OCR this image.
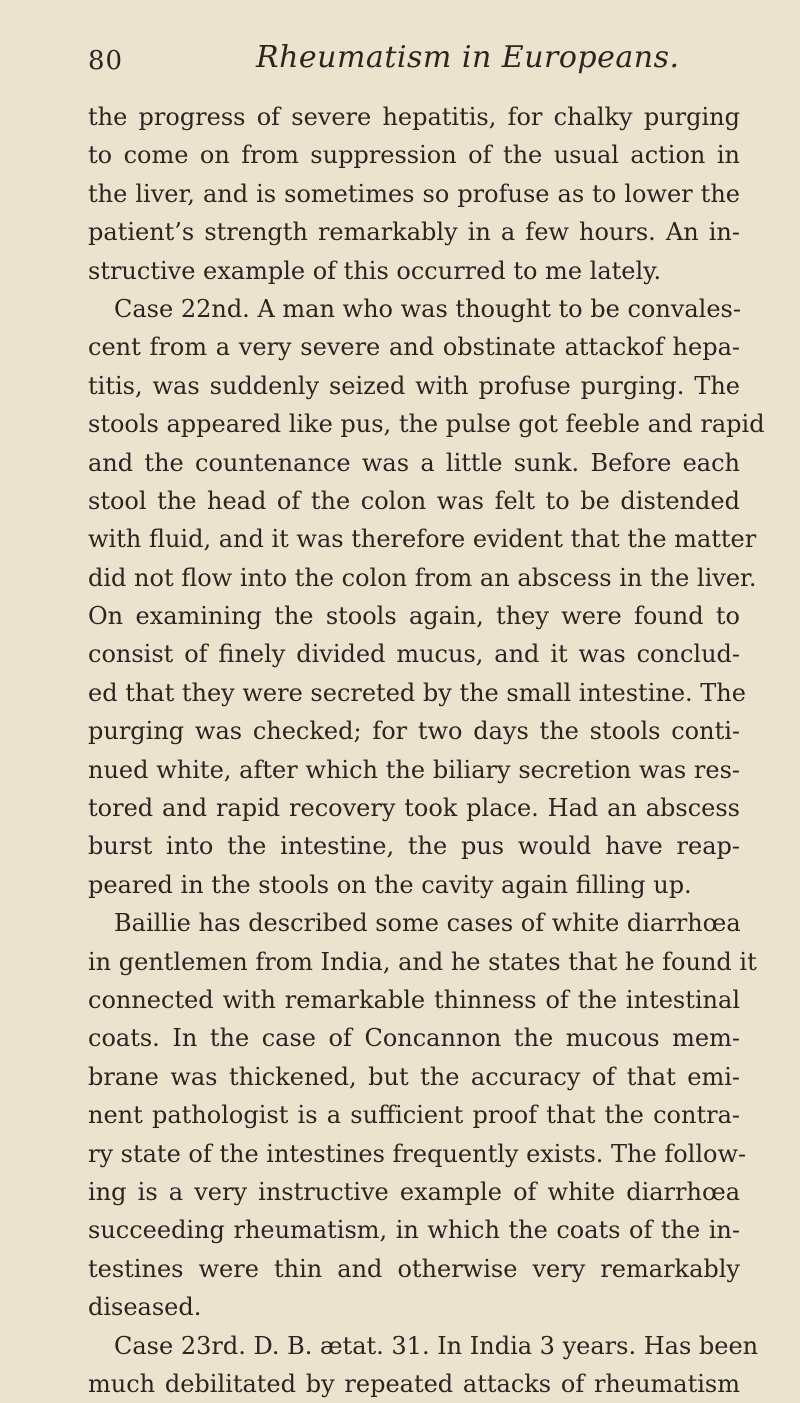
80	Rheumatism in Europeans.
the progress of severe hepatitis, for chalky purging
to come on from suppression of the usual action in
the liver, and is sometimes so profuse as to lower the
patient’s strength remarkably in a few hours. An in-
structive example of this occurred to me lately.
Case 22nd. A man who was thought to be convales-
cent from a very severe and obstinate attackof hepa-
titis, was suddenly seized with profuse purging. The
stools appeared like pus, the pulse got feeble and rapid
and the countenance was a little sunk. Before each
stool the head of the colon was felt to be distended
with fluid, and it was therefore evident that the matter
did not flow into the colon from an abscess in the liver.
On examining the stools again, they were found to
consist of finely divided mucus, and it was conclud-
ed that they were secreted by the small intestine. The
purging was checked; for two days the stools conti-
nued white, after which the biliary secretion was res-
tored and rapid recovery took place. Had an abscess
burst into the intestine, the pus would have reap-
peared in the stools on the cavity again filling up.
Baillie has described some cases of white diarrhœa
in gentlemen from India, and he states that he found it
connected with remarkable thinness of the intestinal
coats. In the case of Concannon the mucous mem-
brane was thickened, but the accuracy of that emi-
nent pathologist is a sufficient proof that the contra-
ry state of the intestines frequently exists. The follow-
ing is a very instructive example of white diarrhœa
succeeding rheumatism, in which the coats of the in-
testines were thin and otherwise very remarkably
diseased.
Case 23rd. D. B. ætat. 31. In India 3 years. Has been
much debilitated by repeated attacks of rheumatism
